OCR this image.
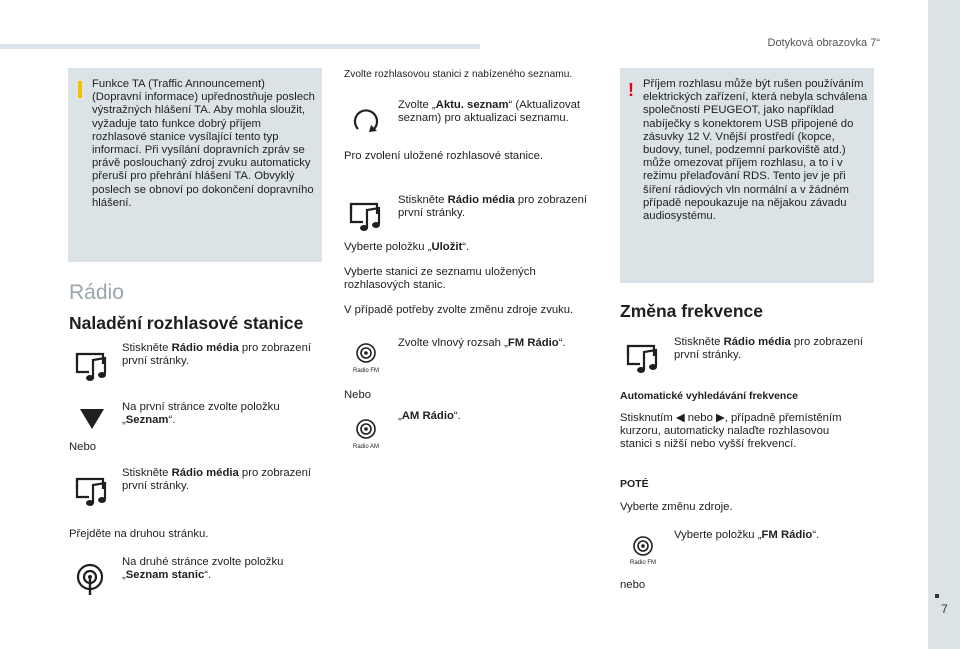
Dotyková obrazovka 7“
7
Funkce TA (Traffic Announcement) (Dopravní informace) upřednostňuje poslech výstražných hlášení TA. Aby mohla sloužit, vyžaduje tato funkce dobrý příjem rozhlasové stanice vysílající tento typ informací. Při vysílání dopravních zpráv se právě poslouchaný zdroj zvuku automaticky přeruší pro přehrání hlášení TA. Obvyklý poslech se obnoví po dokončení dopravního hlášení.
Rádio
Naladění rozhlasové stanice
Stiskněte Rádio média pro zobrazení první stránky.
Na první stránce zvolte položku „Seznam“.
Nebo
Stiskněte Rádio média pro zobrazení první stránky.
Přejděte na druhou stránku.
Na druhé stránce zvolte položku „Seznam stanic“.
Zvolte rozhlasovou stanici z nabízeného seznamu.
Zvolte „Aktu. seznam“ (Aktualizovat seznam) pro aktualizaci seznamu.
Pro zvolení uložené rozhlasové stanice.
Stiskněte Rádio média pro zobrazení první stránky.
Vyberte položku „Uložit“.
Vyberte stanici ze seznamu uložených rozhlasových stanic.
V případě potřeby zvolte změnu zdroje zvuku.
Radio FM
Zvolte vlnový rozsah „FM Rádio“.
Nebo
Radio AM
„AM Rádio“.
! Příjem rozhlasu může být rušen používáním elektrických zařízení, která nebyla schválena společností PEUGEOT, jako například nabíječky s konektorem USB připojené do zásuvky 12 V. Vnější prostředí (kopce, budovy, tunel, podzemní parkoviště atd.) může omezovat příjem rozhlasu, a to i v režimu přelaďování RDS. Tento jev je při šíření rádiových vln normální a v žádném případě nepoukazuje na nějakou závadu audiosystému.
Změna frekvence
Stiskněte Rádio média pro zobrazení první stránky.
Automatické vyhledávání frekvence
Stisknutím ◀ nebo ▶, případně přemístěním kurzoru, automaticky nalaďte rozhlasovou stanici s nižší nebo vyšší frekvencí.
POTÉ
Vyberte změnu zdroje.
Radio FM
Vyberte položku „FM Rádio“.
nebo
